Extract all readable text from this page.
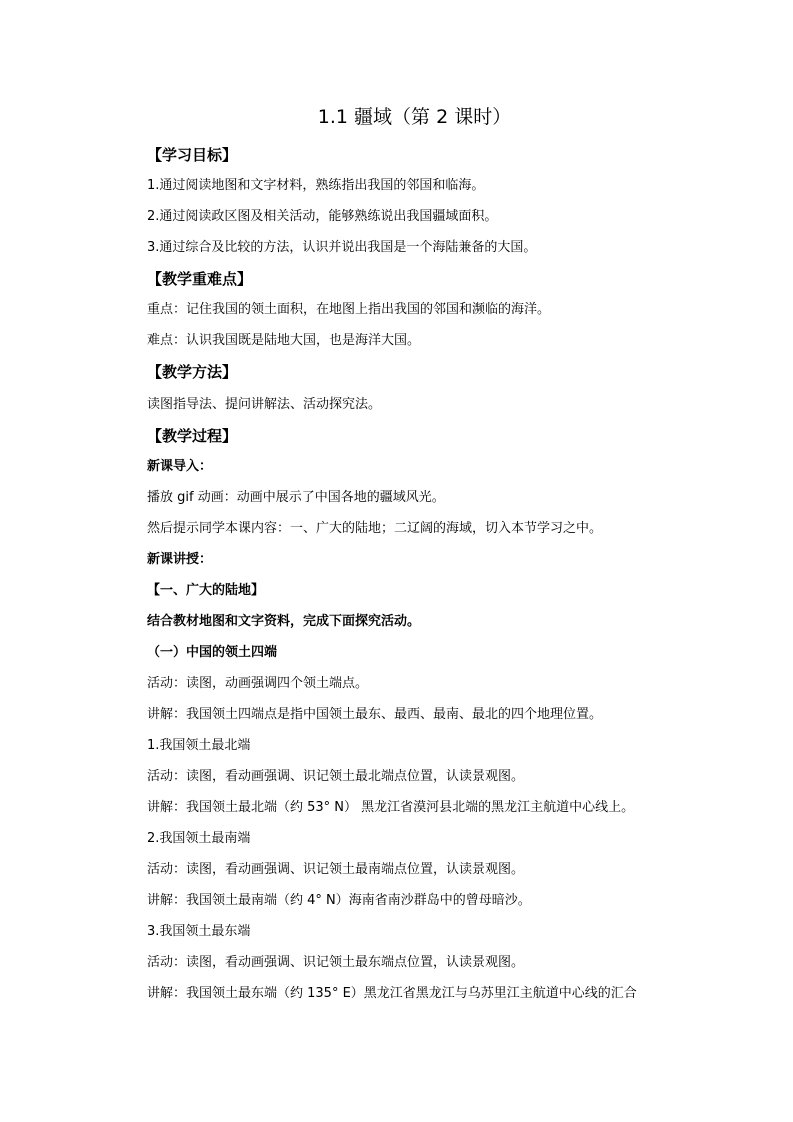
1.1 疆域（第 2 课时）
【学习目标】
1.通过阅读地图和文字材料，熟练指出我国的邻国和临海。
2.通过阅读政区图及相关活动，能够熟练说出我国疆域面积。
3.通过综合及比较的方法，认识并说出我国是一个海陆兼备的大国。
【教学重难点】
重点：记住我国的领土面积，在地图上指出我国的邻国和濒临的海洋。
难点：认识我国既是陆地大国，也是海洋大国。
【教学方法】
读图指导法、提问讲解法、活动探究法。
【教学过程】
新课导入：
播放 gif 动画：动画中展示了中国各地的疆域风光。
然后提示同学本课内容：一、广大的陆地；二辽阔的海域，切入本节学习之中。
新课讲授：
【一、广大的陆地】
结合教材地图和文字资料，完成下面探究活动。
（一）中国的领土四端
活动：读图，动画强调四个领土端点。
讲解：我国领土四端点是指中国领土最东、最西、最南、最北的四个地理位置。
1.我国领土最北端
活动：读图，看动画强调、识记领土最北端点位置，认读景观图。
讲解：我国领土最北端（约 53° N） 黑龙江省漠河县北端的黑龙江主航道中心线上。
2.我国领土最南端
活动：读图，看动画强调、识记领土最南端点位置，认读景观图。
讲解：我国领土最南端（约 4° N）海南省南沙群岛中的曾母暗沙。
3.我国领土最东端
活动：读图，看动画强调、识记领土最东端点位置，认读景观图。
讲解：我国领土最东端（约 135° E）黑龙江省黑龙江与乌苏里江主航道中心线的汇合
